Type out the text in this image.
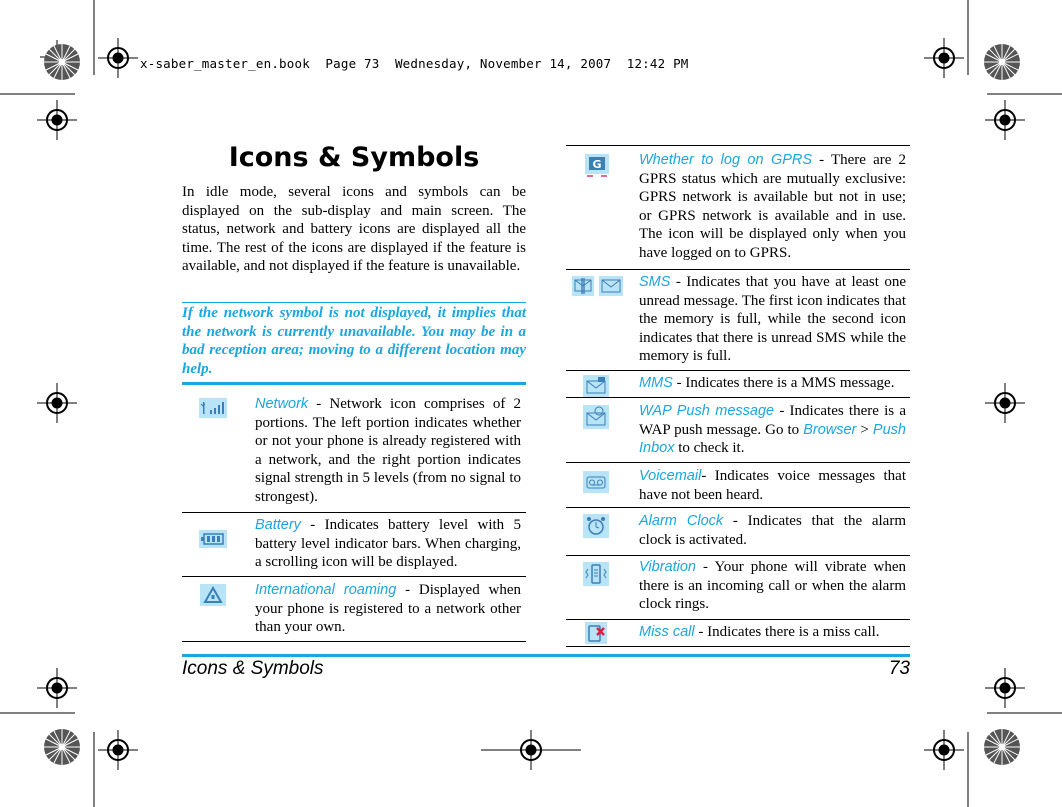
x-saber_master_en.book  Page 73  Wednesday, November 14, 2007  12:42 PM
Icons & Symbols
In idle mode, several icons and symbols can be displayed on the sub-display and main screen. The status, network and battery icons are displayed all the time. The rest of the icons are displayed if the feature is available, and not displayed if the feature is unavailable.
If the network symbol is not displayed, it implies that the network is currently unavailable. You may be in a bad reception area; moving to a different location may help.
Network - Network icon comprises of 2 portions. The left portion indicates whether or not your phone is already registered with a network, and the right portion indicates signal strength in 5 levels (from no signal to strongest).
Battery - Indicates battery level with 5 battery level indicator bars. When charging, a scrolling icon will be displayed.
International roaming - Displayed when your phone is registered to a network other than your own.
G	Whether to log on GPRS - There are 2 GPRS status which are mutually exclusive: GPRS network is available but not in use; or GPRS network is available and in use. The icon will be displayed only when you have logged on to GPRS.
SMS - Indicates that you have at least one unread message. The first icon indicates that the memory is full, while the second icon indicates that there is unread SMS while the memory is full.
MMS - Indicates there is a MMS message.
WAP Push message - Indicates there is a WAP push message. Go to Browser > Push Inbox to check it.
Voicemail- Indicates voice messages that have not been heard.
Alarm Clock - Indicates that the alarm clock is activated.
Vibration - Your phone will vibrate when there is an incoming call or when the alarm clock rings.
Miss call - Indicates there is a miss call.
Icons & Symbols	73
